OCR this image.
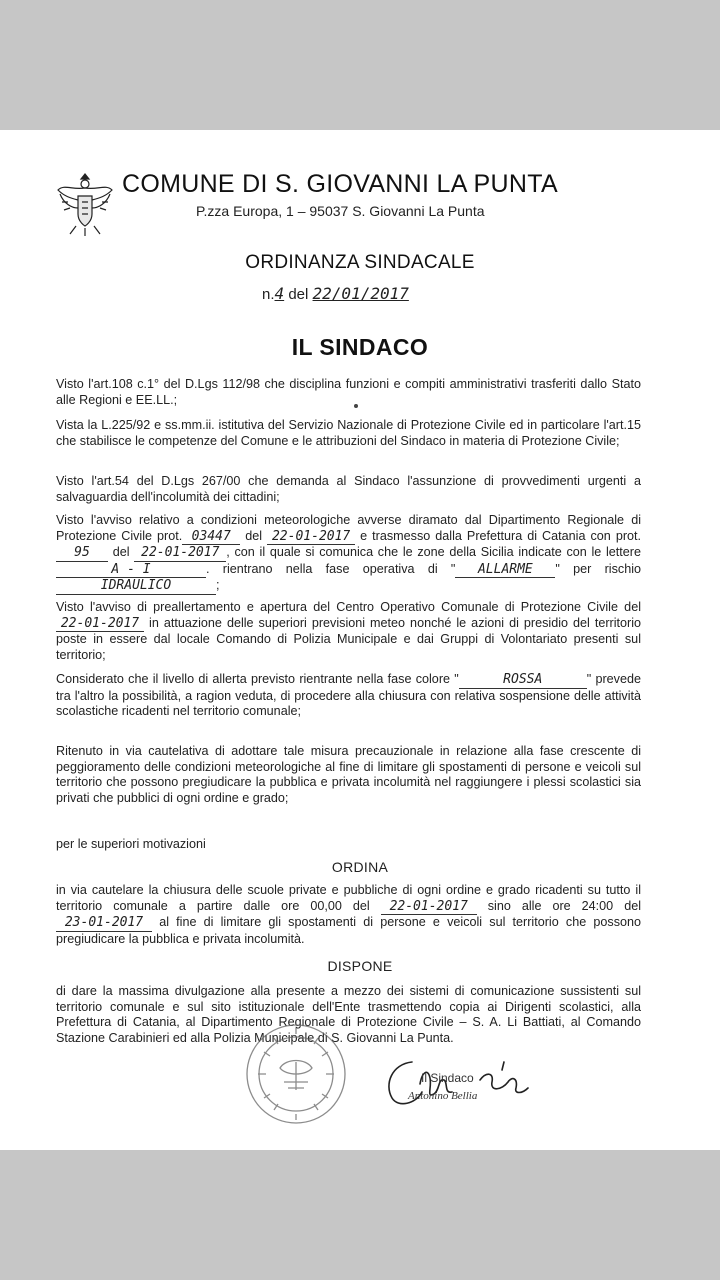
COMUNE DI S. GIOVANNI LA PUNTA
P.zza Europa, 1 – 95037 S. Giovanni La Punta
ORDINANZA SINDACALE
n.4 del 22/01/2017
IL SINDACO

Visto l'art.108 c.1° del D.Lgs 112/98 che disciplina funzioni e compiti amministrativi trasferiti dallo Stato alle Regioni e EE.LL.;

Vista la L.225/92 e ss.mm.ii. istitutiva del Servizio Nazionale di Protezione Civile ed in particolare l'art.15 che stabilisce le competenze del Comune e le attribuzioni del Sindaco in materia di Protezione Civile;

Visto l'art.54 del D.Lgs 267/00 che demanda al Sindaco l'assunzione di provvedimenti urgenti a salvaguardia dell'incolumità dei cittadini;

Visto l'avviso relativo a condizioni meteorologiche avverse diramato dal Dipartimento Regionale di Protezione Civile prot. 03447 del 22-01-2017 e trasmesso dalla Prefettura di Catania con prot. 95 del 22-01-2017 , con il quale si comunica che le zone della Sicilia indicate con le lettere A - I	. rientrano nella fase operativa di " ALLARME " per rischio IDRAULICO	;

Visto l'avviso di preallertamento e apertura del Centro Operativo Comunale di Protezione Civile del 22-01-2017 in attuazione delle superiori previsioni meteo nonché le azioni di presidio del territorio poste in essere dal locale Comando di Polizia Municipale e dai Gruppi di Volontariato presenti sul territorio;

Considerato che il livello di allerta previsto rientrante nella fase colore "	ROSSA	" prevede tra l'altro la possibilità, a ragion veduta, di procedere alla chiusura con relativa sospensione delle attività scolastiche ricadenti nel territorio comunale;

Ritenuto in via cautelativa di adottare tale misura precauzionale in relazione alla fase crescente di peggioramento delle condizioni meteorologiche al fine di limitare gli spostamenti di persone e veicoli sul territorio che possono pregiudicare la pubblica e privata incolumità nel raggiungere i plessi scolastici sia privati che pubblici di ogni ordine e grado;

per le superiori motivazioni

ORDINA

in via cautelare la chiusura delle scuole private e pubbliche di ogni ordine e grado ricadenti su tutto il territorio comunale a partire dalle ore 00,00 del 22-01-2017 sino alle ore 24:00 del 23-01-2017 al fine di limitare gli spostamenti di persone e veicoli sul territorio che possono pregiudicare la pubblica e privata incolumità.

DISPONE

di dare la massima divulgazione alla presente a mezzo dei sistemi di comunicazione sussistenti sul territorio comunale e sul sito istituzionale dell'Ente trasmettendo copia ai Dirigenti scolastici, alla Prefettura di Catania, al Dipartimento Regionale di Protezione Civile – S. A. Li Battiati, al Comando Stazione Carabinieri ed alla Polizia Municipale di S. Giovanni La Punta.

Il Sindaco
Antonino Bellia
